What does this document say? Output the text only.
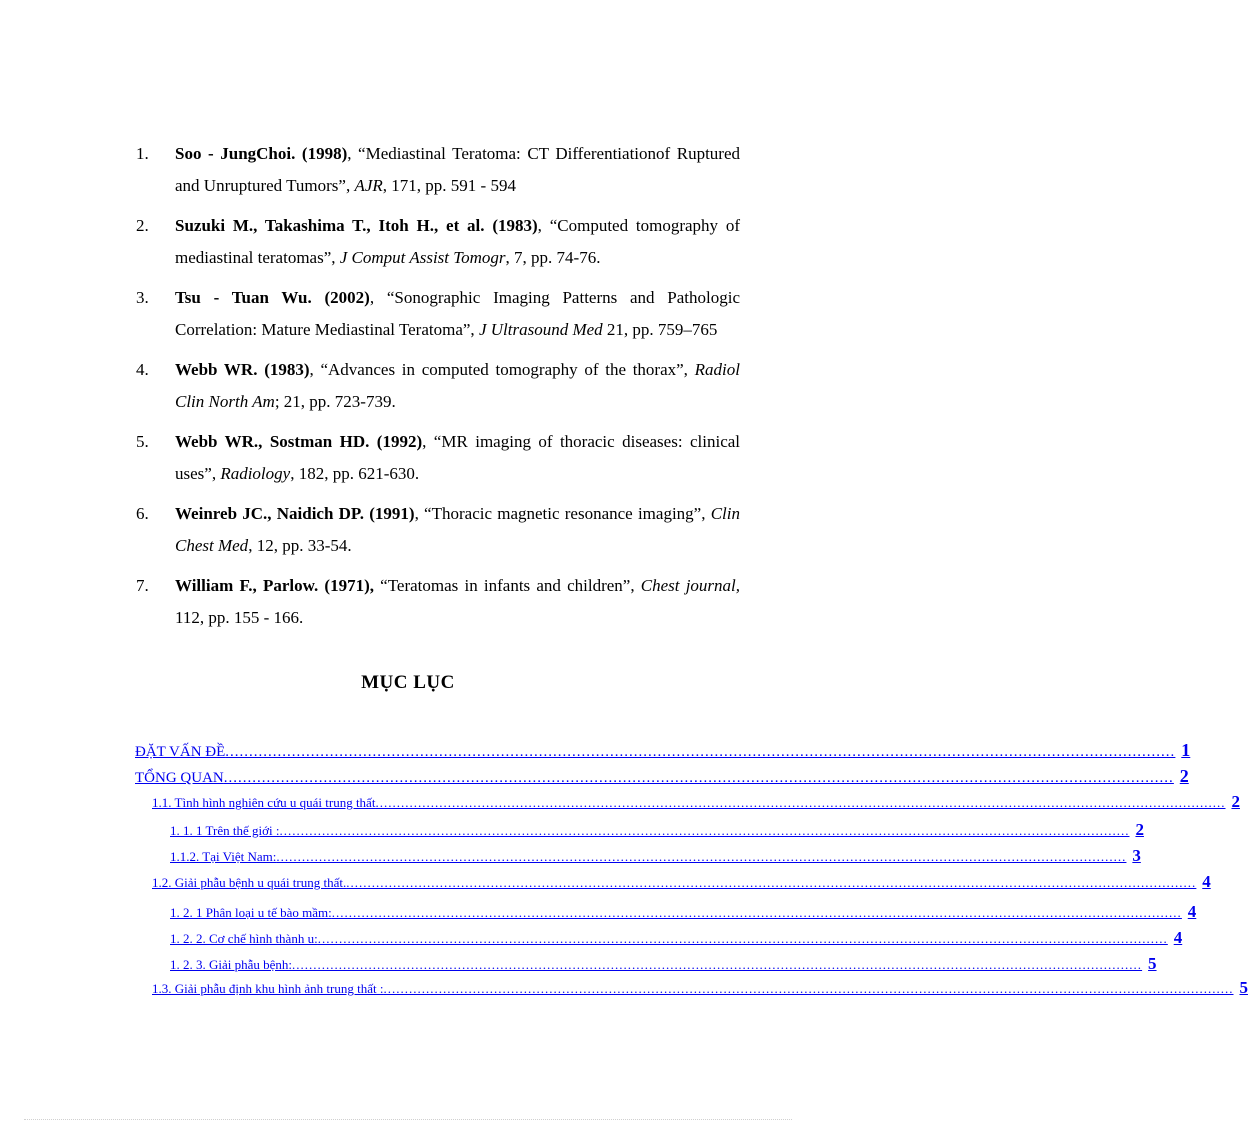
1.	Soo - JungChoi. (1998), “Mediastinal Teratoma: CT Differentiationof Ruptured and Unruptured Tumors”, AJR, 171, pp. 591 - 594
2.	Suzuki M., Takashima T., Itoh H., et al. (1983), “Computed tomography of mediastinal teratomas”, J Comput Assist Tomogr, 7, pp. 74-76.
3.	Tsu - Tuan Wu. (2002), “Sonographic Imaging Patterns and Pathologic Correlation: Mature Mediastinal Teratoma”, J Ultrasound Med 21, pp. 759–765
4.	Webb WR. (1983), “Advances in computed tomography of the thorax”, Radiol Clin North Am; 21, pp. 723-739.
5.	Webb WR., Sostman HD. (1992), “MR imaging of thoracic diseases: clinical uses”, Radiology, 182, pp. 621-630.
6.	Weinreb JC., Naidich DP. (1991), “Thoracic magnetic resonance imaging”, Clin Chest Med, 12, pp. 33-54.
7.	William F., Parlow. (1971), “Teratomas in infants and children”, Chest journal, 112, pp. 155 - 166.
MỤC LỤC
ĐẶT VẤN ĐỀ ........................................................................................................................................................................................................ 1
TỔNG QUAN ........................................................................................................................................................................................................ 2
1.1. Tình hình nghiên cứu u quái trung thất ........................................................................................................................................................................................................ 2
1. 1. 1 Trên thế giới : ........................................................................................................................................................................................................ 2
1.1.2. Tại Việt Nam: ........................................................................................................................................................................................................ 3
1.2. Giải phẫu bệnh u quái trung thất. ........................................................................................................................................................................................................ 4
1. 2. 1 Phân loại u tế bào mầm: ........................................................................................................................................................................................................ 4
1. 2. 2. Cơ chế hình thành u: ........................................................................................................................................................................................................ 4
1. 2. 3. Giải phẫu bệnh: ........................................................................................................................................................................................................ 5
1.3. Giải phẫu định khu hình ảnh trung thất : ........................................................................................................................................................................................................ 5
